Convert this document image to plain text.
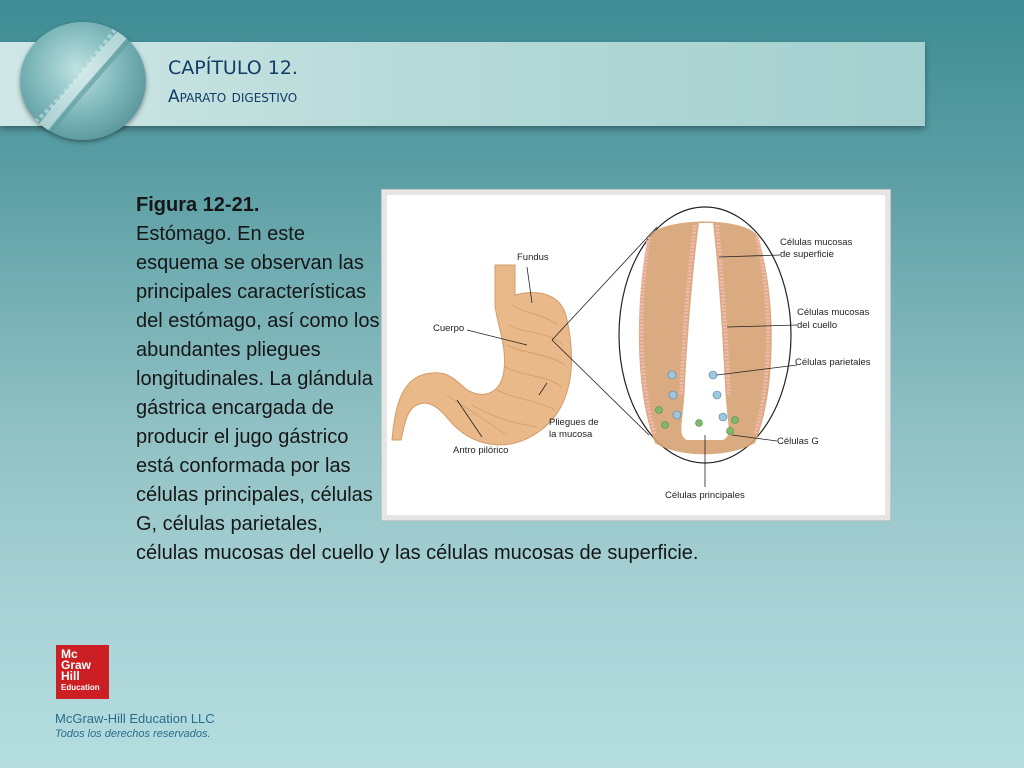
CAPÍTULO 12.
Aparato digestivo
Figura 12-21.
Estómago. En este esquema se observan las principales características del estómago, así como los abundantes pliegues longitudinales. La glándula gástrica encargada de producir el jugo gástrico está conformada por las células principales, células G, células parietales, células mucosas del cuello y las células mucosas de superficie.
Fundus
Cuerpo
Pliegues de
la mucosa
Antro pilórico
Células mucosas
de superficie
Células mucosas
del cuello
Células parietales
Células G
Células principales
Mc
Graw
Hill
Education
McGraw-Hill Education LLC
Todos los derechos reservados.
